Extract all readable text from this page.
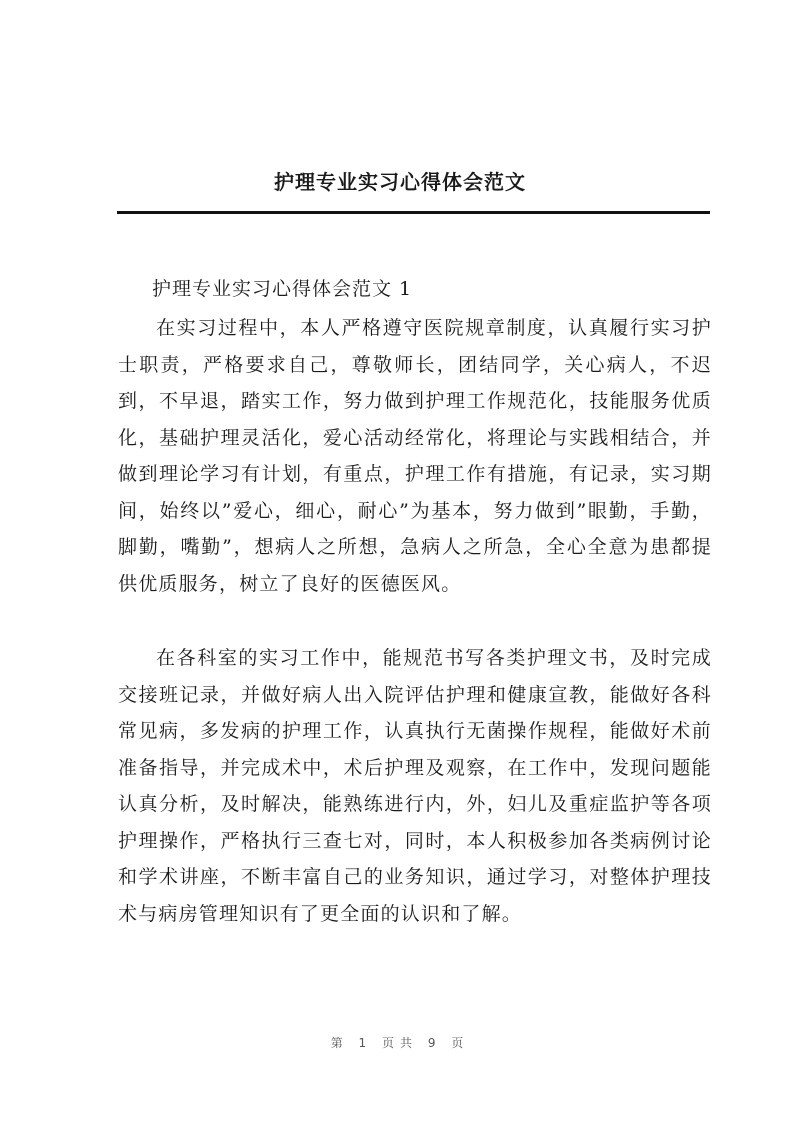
护理专业实习心得体会范文
护理专业实习心得体会范文 1

在实习过程中，本人严格遵守医院规章制度，认真履行实习护士职责，严格要求自己，尊敬师长，团结同学，关心病人，不迟到，不早退，踏实工作，努力做到护理工作规范化，技能服务优质化，基础护理灵活化，爱心活动经常化，将理论与实践相结合，并做到理论学习有计划，有重点，护理工作有措施，有记录，实习期间，始终以”爱心，细心，耐心”为基本，努力做到”眼勤，手勤，脚勤，嘴勤”，想病人之所想，急病人之所急，全心全意为患都提供优质服务，树立了良好的医德医风。

在各科室的实习工作中，能规范书写各类护理文书，及时完成交接班记录，并做好病人出入院评估护理和健康宣教，能做好各科常见病，多发病的护理工作，认真执行无菌操作规程，能做好术前准备指导，并完成术中，术后护理及观察，在工作中，发现问题能认真分析，及时解决，能熟练进行内，外，妇儿及重症监护等各项护理操作，严格执行三查七对，同时，本人积极参加各类病例讨论和学术讲座，不断丰富自己的业务知识，通过学习，对整体护理技术与病房管理知识有了更全面的认识和了解。

第 1 页共 9 页
